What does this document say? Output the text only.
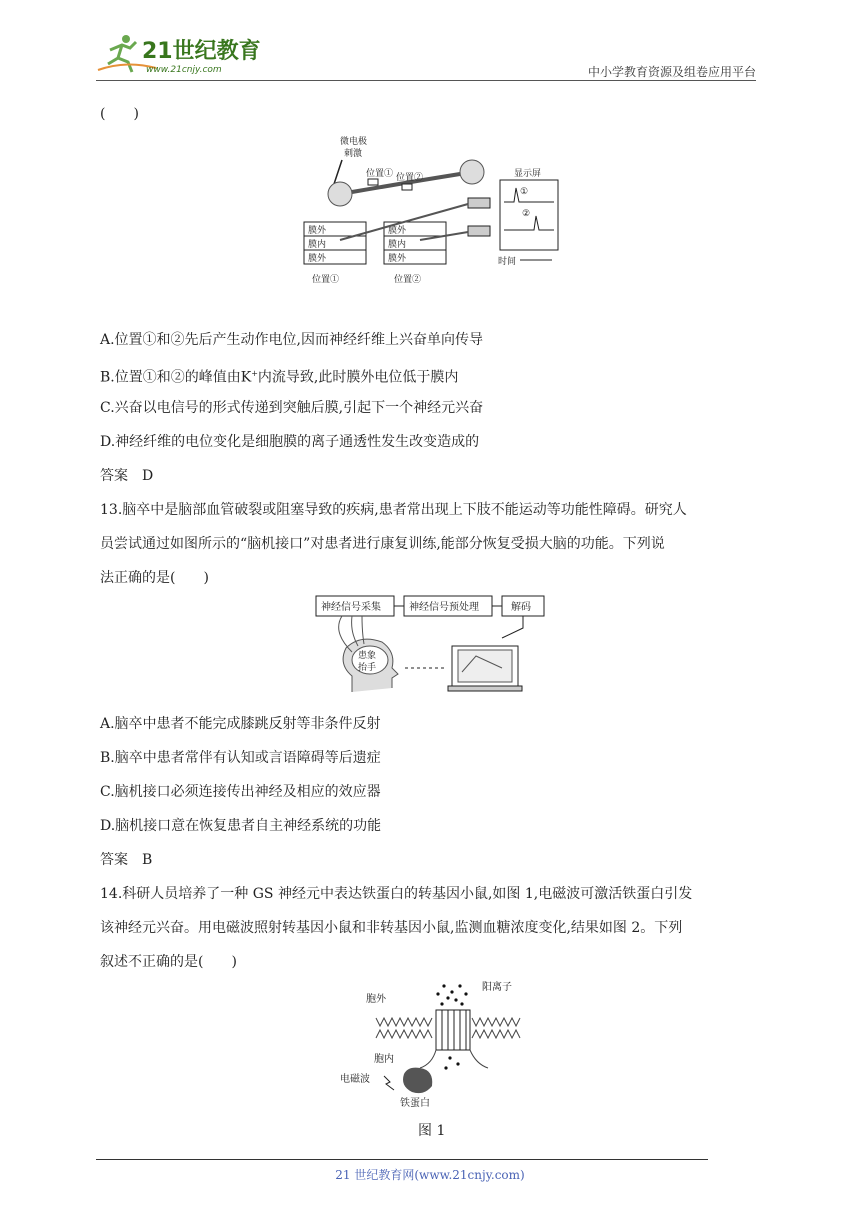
21世纪教育
www.21cnjy.com	中小学教育资源及组卷应用平台
(　　)
微电极
刺激
位置① 位置②	显示屏
①
②
时间
膜外
膜内
膜外
膜外
膜内
膜外
位置①	位置②
A.位置①和②先后产生动作电位,因而神经纤维上兴奋单向传导
B.位置①和②的峰值由K+内流导致,此时膜外电位低于膜内
C.兴奋以电信号的形式传递到突触后膜,引起下一个神经元兴奋
D.神经纤维的电位变化是细胞膜的离子通透性发生改变造成的
答案　D
13.脑卒中是脑部血管破裂或阻塞导致的疾病,患者常出现上下肢不能运动等功能性障碍。研究人
员尝试通过如图所示的“脑机接口”对患者进行康复训练,能部分恢复受损大脑的功能。下列说
法正确的是(　　)
神经信号采集	神经信号预处理	解码
患象
抬手
A.脑卒中患者不能完成膝跳反射等非条件反射
B.脑卒中患者常伴有认知或言语障碍等后遗症
C.脑机接口必须连接传出神经及相应的效应器
D.脑机接口意在恢复患者自主神经系统的功能
答案　B
14.科研人员培养了一种 GS 神经元中表达铁蛋白的转基因小鼠,如图 1,电磁波可激活铁蛋白引发
该神经元兴奋。用电磁波照射转基因小鼠和非转基因小鼠,监测血糖浓度变化,结果如图 2。下列
叙述不正确的是(　　)
阳离子
胞外
胞内
电磁波
铁蛋白
图 1
21 世纪教育网(www.21cnjy.com)
